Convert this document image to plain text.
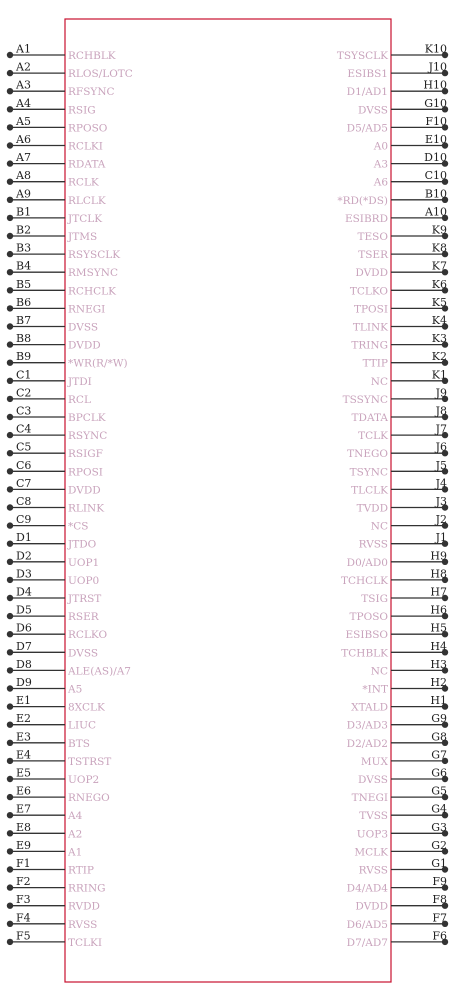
A1
RCHBLK
A2
RLOS/LOTC
A3
RFSYNC
A4
RSIG
A5
RPOSO
A6
RCLKI
A7
RDATA
A8
RCLK
A9
RLCLK
B1
JTCLK
B2
JTMS
B3
RSYSCLK
B4
RMSYNC
B5
RCHCLK
B6
RNEGI
B7
DVSS
B8
DVDD
B9
*WR(R/*W)
C1
JTDI
C2
RCL
C3
BPCLK
C4
RSYNC
C5
RSIGF
C6
RPOSI
C7
DVDD
C8
RLINK
C9
*CS
D1
JTDO
D2
UOP1
D3
UOP0
D4
JTRST
D5
RSER
D6
RCLKO
D7
DVSS
D8
ALE(AS)/A7
D9
A5
E1
8XCLK
E2
LIUC
E3
BTS
E4
TSTRST
E5
UOP2
E6
RNEGO
E7
A4
E8
A2
E9
A1
F1
RTIP
F2
RRING
F3
RVDD
F4
RVSS
F5
TCLKI
K10
TSYSCLK
J10
ESIBS1
H10
D1/AD1
G10
DVSS
F10
D5/AD5
E10
A0
D10
A3
C10
A6
B10
*RD(*DS)
A10
ESIBRD
K9
TESO
K8
TSER
K7
DVDD
K6
TCLKO
K5
TPOSI
K4
TLINK
K3
TRING
K2
TTIP
K1
NC
J9
TSSYNC
J8
TDATA
J7
TCLK
J6
TNEGO
J5
TSYNC
J4
TLCLK
J3
TVDD
J2
NC
J1
RVSS
H9
D0/AD0
H8
TCHCLK
H7
TSIG
H6
TPOSO
H5
ESIBSO
H4
TCHBLK
H3
NC
H2
*INT
H1
XTALD
G9
D3/AD3
G8
D2/AD2
G7
MUX
G6
DVSS
G5
TNEGI
G4
TVSS
G3
UOP3
G2
MCLK
G1
RVSS
F9
D4/AD4
F8
DVDD
F7
D6/AD5
F6
D7/AD7
